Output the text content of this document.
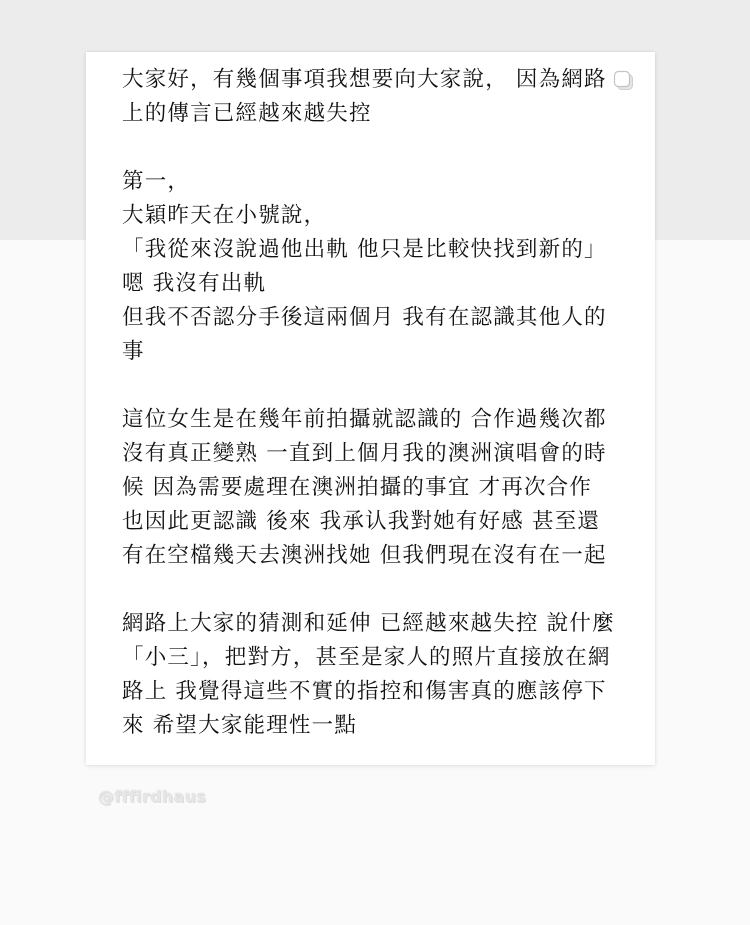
大家好，有幾個事項我想要向大家說， 因為網路

上的傳言已經越來越失控

第一，

大穎昨天在小號說，

「我從來沒說過他出軌 他只是比較快找到新的」

嗯 我沒有出軌

但我不否認分手後這兩個月 我有在認識其他人的

事

這位女生是在幾年前拍攝就認識的 合作過幾次都

沒有真正變熟 一直到上個月我的澳洲演唱會的時

候 因為需要處理在澳洲拍攝的事宜 才再次合作

也因此更認識 後來 我承认我對她有好感 甚至還

有在空檔幾天去澳洲找她 但我們現在沒有在一起

網路上大家的猜測和延伸 已經越來越失控 說什麼

「小三」，把對方，甚至是家人的照片直接放在網

路上 我覺得這些不實的指控和傷害真的應該停下

來 希望大家能理性一點

@fffirdhaus
